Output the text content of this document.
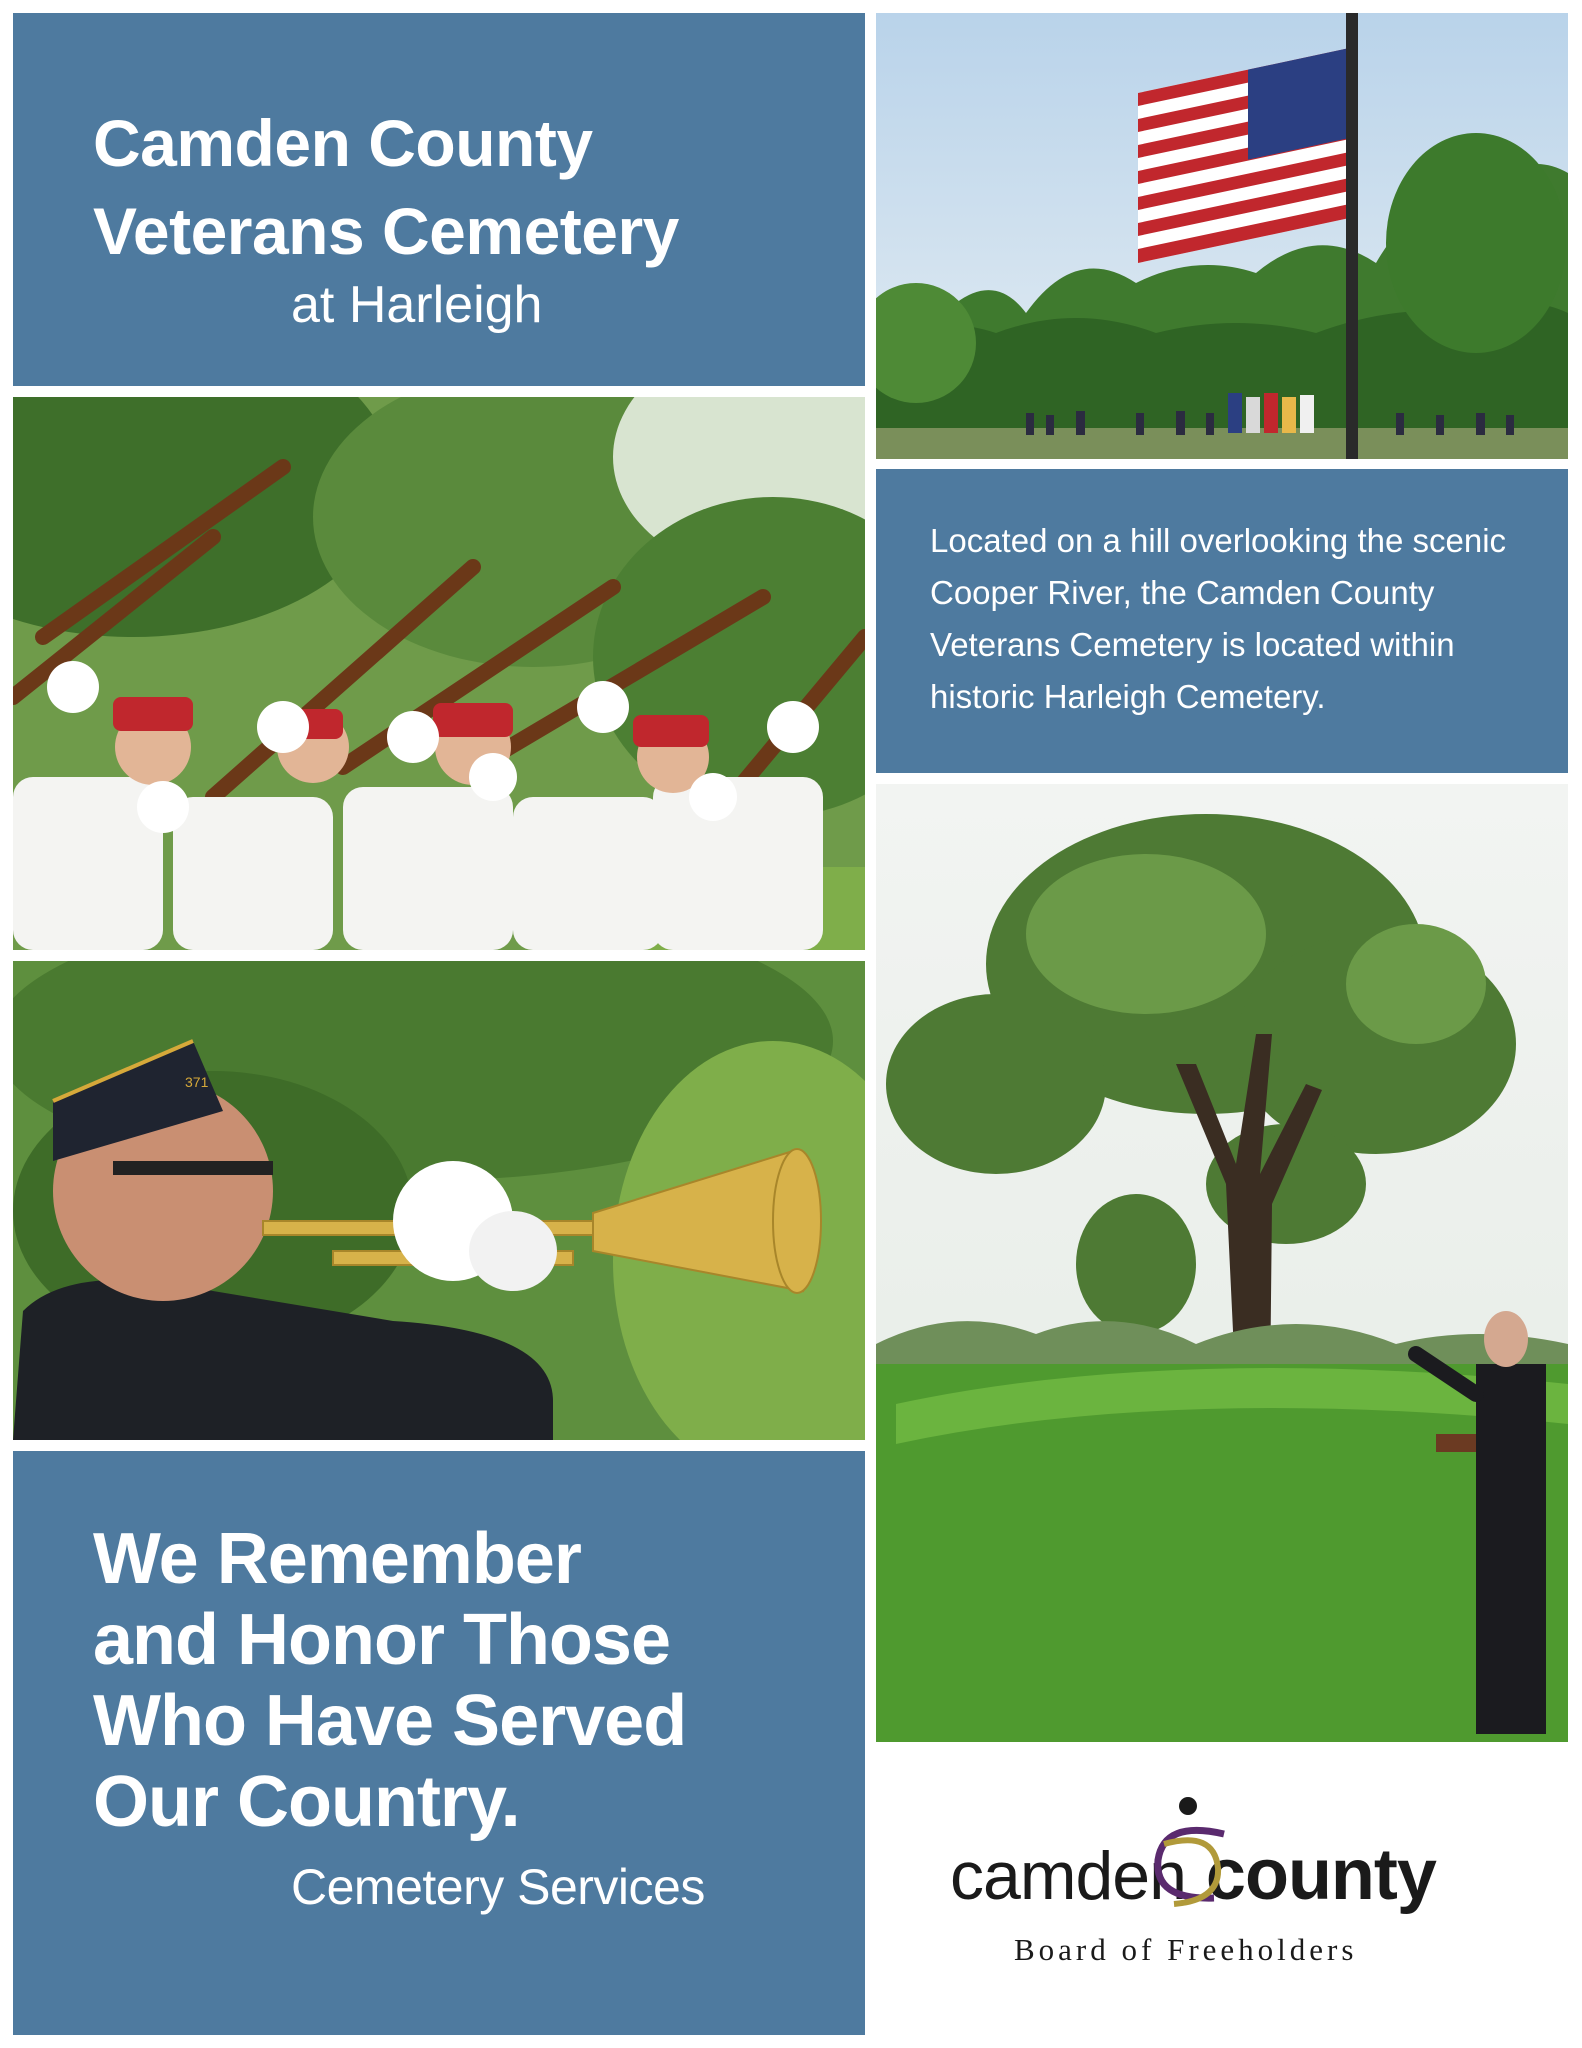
Camden County
Veterans Cemetery
at Harleigh
Located on a hill overlooking the scenic Cooper River, the Camden County Veterans Cemetery is located within historic Harleigh Cemetery.
371
We Remember
and Honor Those
Who Have Served
Our Country.
Cemetery Services	camden county
Board of Freeholders
